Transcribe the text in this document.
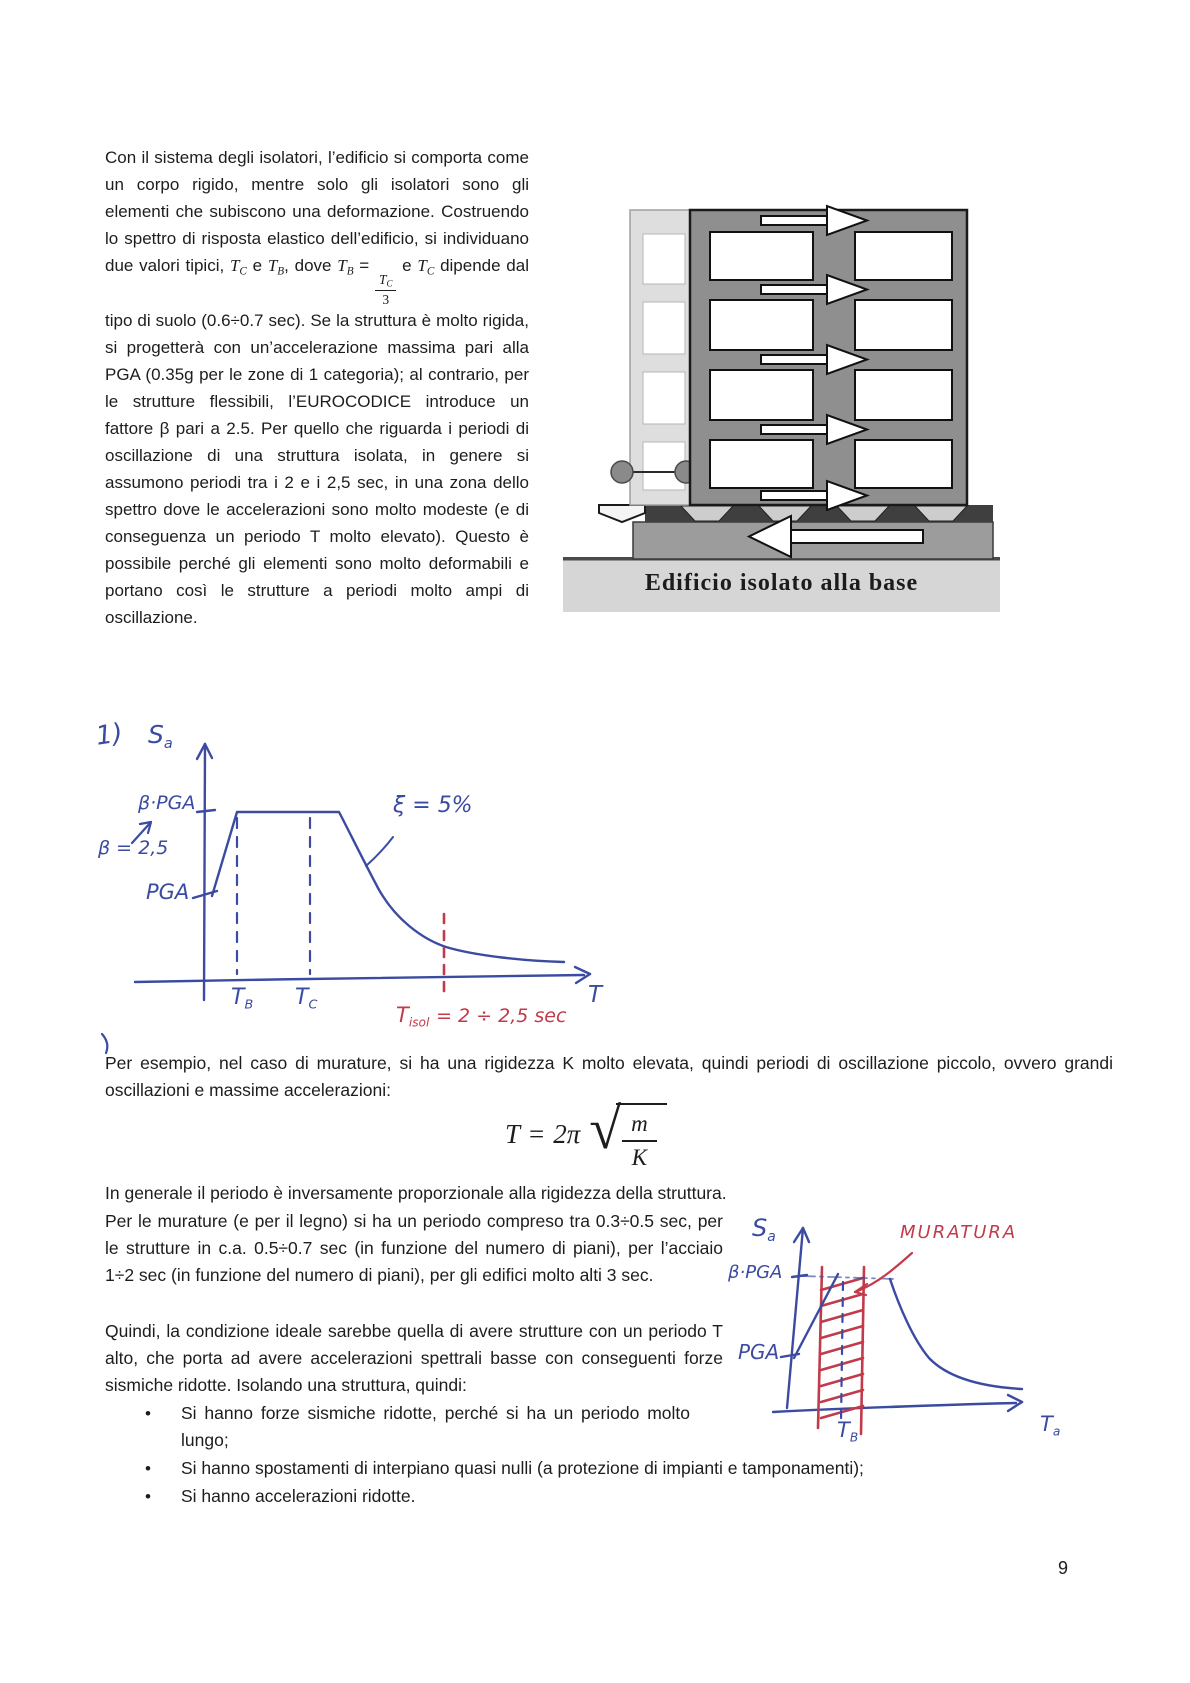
Con il sistema degli isolatori, l’edificio si comporta come un corpo rigido, mentre solo gli isolatori sono gli elementi che subiscono una deformazione. Costruendo lo spettro di risposta elastico dell’edificio, si individuano due valori tipici, TC e TB, dove TB =
$\frac{TC}{3}$
e TC dipende dal tipo di suolo (0.6÷0.7 sec). Se la struttura è molto rigida, si progetterà con un’accelerazione massima pari alla PGA (0.35g per le zone di 1 categoria); al contrario, per le strutture flessibili, l’EUROCODICE introduce un fattore β pari a 2.5. Per quello che riguarda i periodi di oscillazione di una struttura isolata, in genere si assumono periodi tra i 2 e i 2,5 sec, in una zona dello spettro dove le accelerazioni sono molto modeste (e di conseguenza un periodo T molto elevato). Questo è possibile perché gli elementi sono molto deformabili e portano così le strutture a periodi molto ampi di oscillazione.

Edificio isolato alla base
1) $S_a$
β·PGA
β = 2,5
PGA
ξ = 5%
$T_B$ $T_C$	$T_{isol} = 2 \div 2,5$ sec
T

Per esempio, nel caso di murature, si ha una rigidezza K molto elevata, quindi periodi di oscillazione piccolo, ovvero grandi oscillazioni e massime accelerazioni:

T = 2π √ m
K

In generale il periodo è inversamente proporzionale alla rigidezza della struttura.

Per le murature (e per il legno) si ha un periodo compreso tra 0.3÷0.5 sec, per le strutture in c.a. 0.5÷0.7 sec (in funzione del numero di piani), per l’acciaio 1÷2 sec (in funzione del numero di piani), per gli edifici molto alti 3 sec.

Quindi, la condizione ideale sarebbe quella di avere strutture con un periodo T alto, che porta ad avere accelerazioni spettrali basse con conseguenti forze sismiche ridotte. Isolando una struttura, quindi:

•	Si hanno forze sismiche ridotte, perché si ha un periodo molto lungo;
•	Si hanno spostamenti di interpiano quasi nulli (a protezione di impianti e tamponamenti);
•	Si hanno accelerazioni ridotte.
$S_a$
β·PGA
PGA
MURATURA
$T_B$
$T_a$
9
